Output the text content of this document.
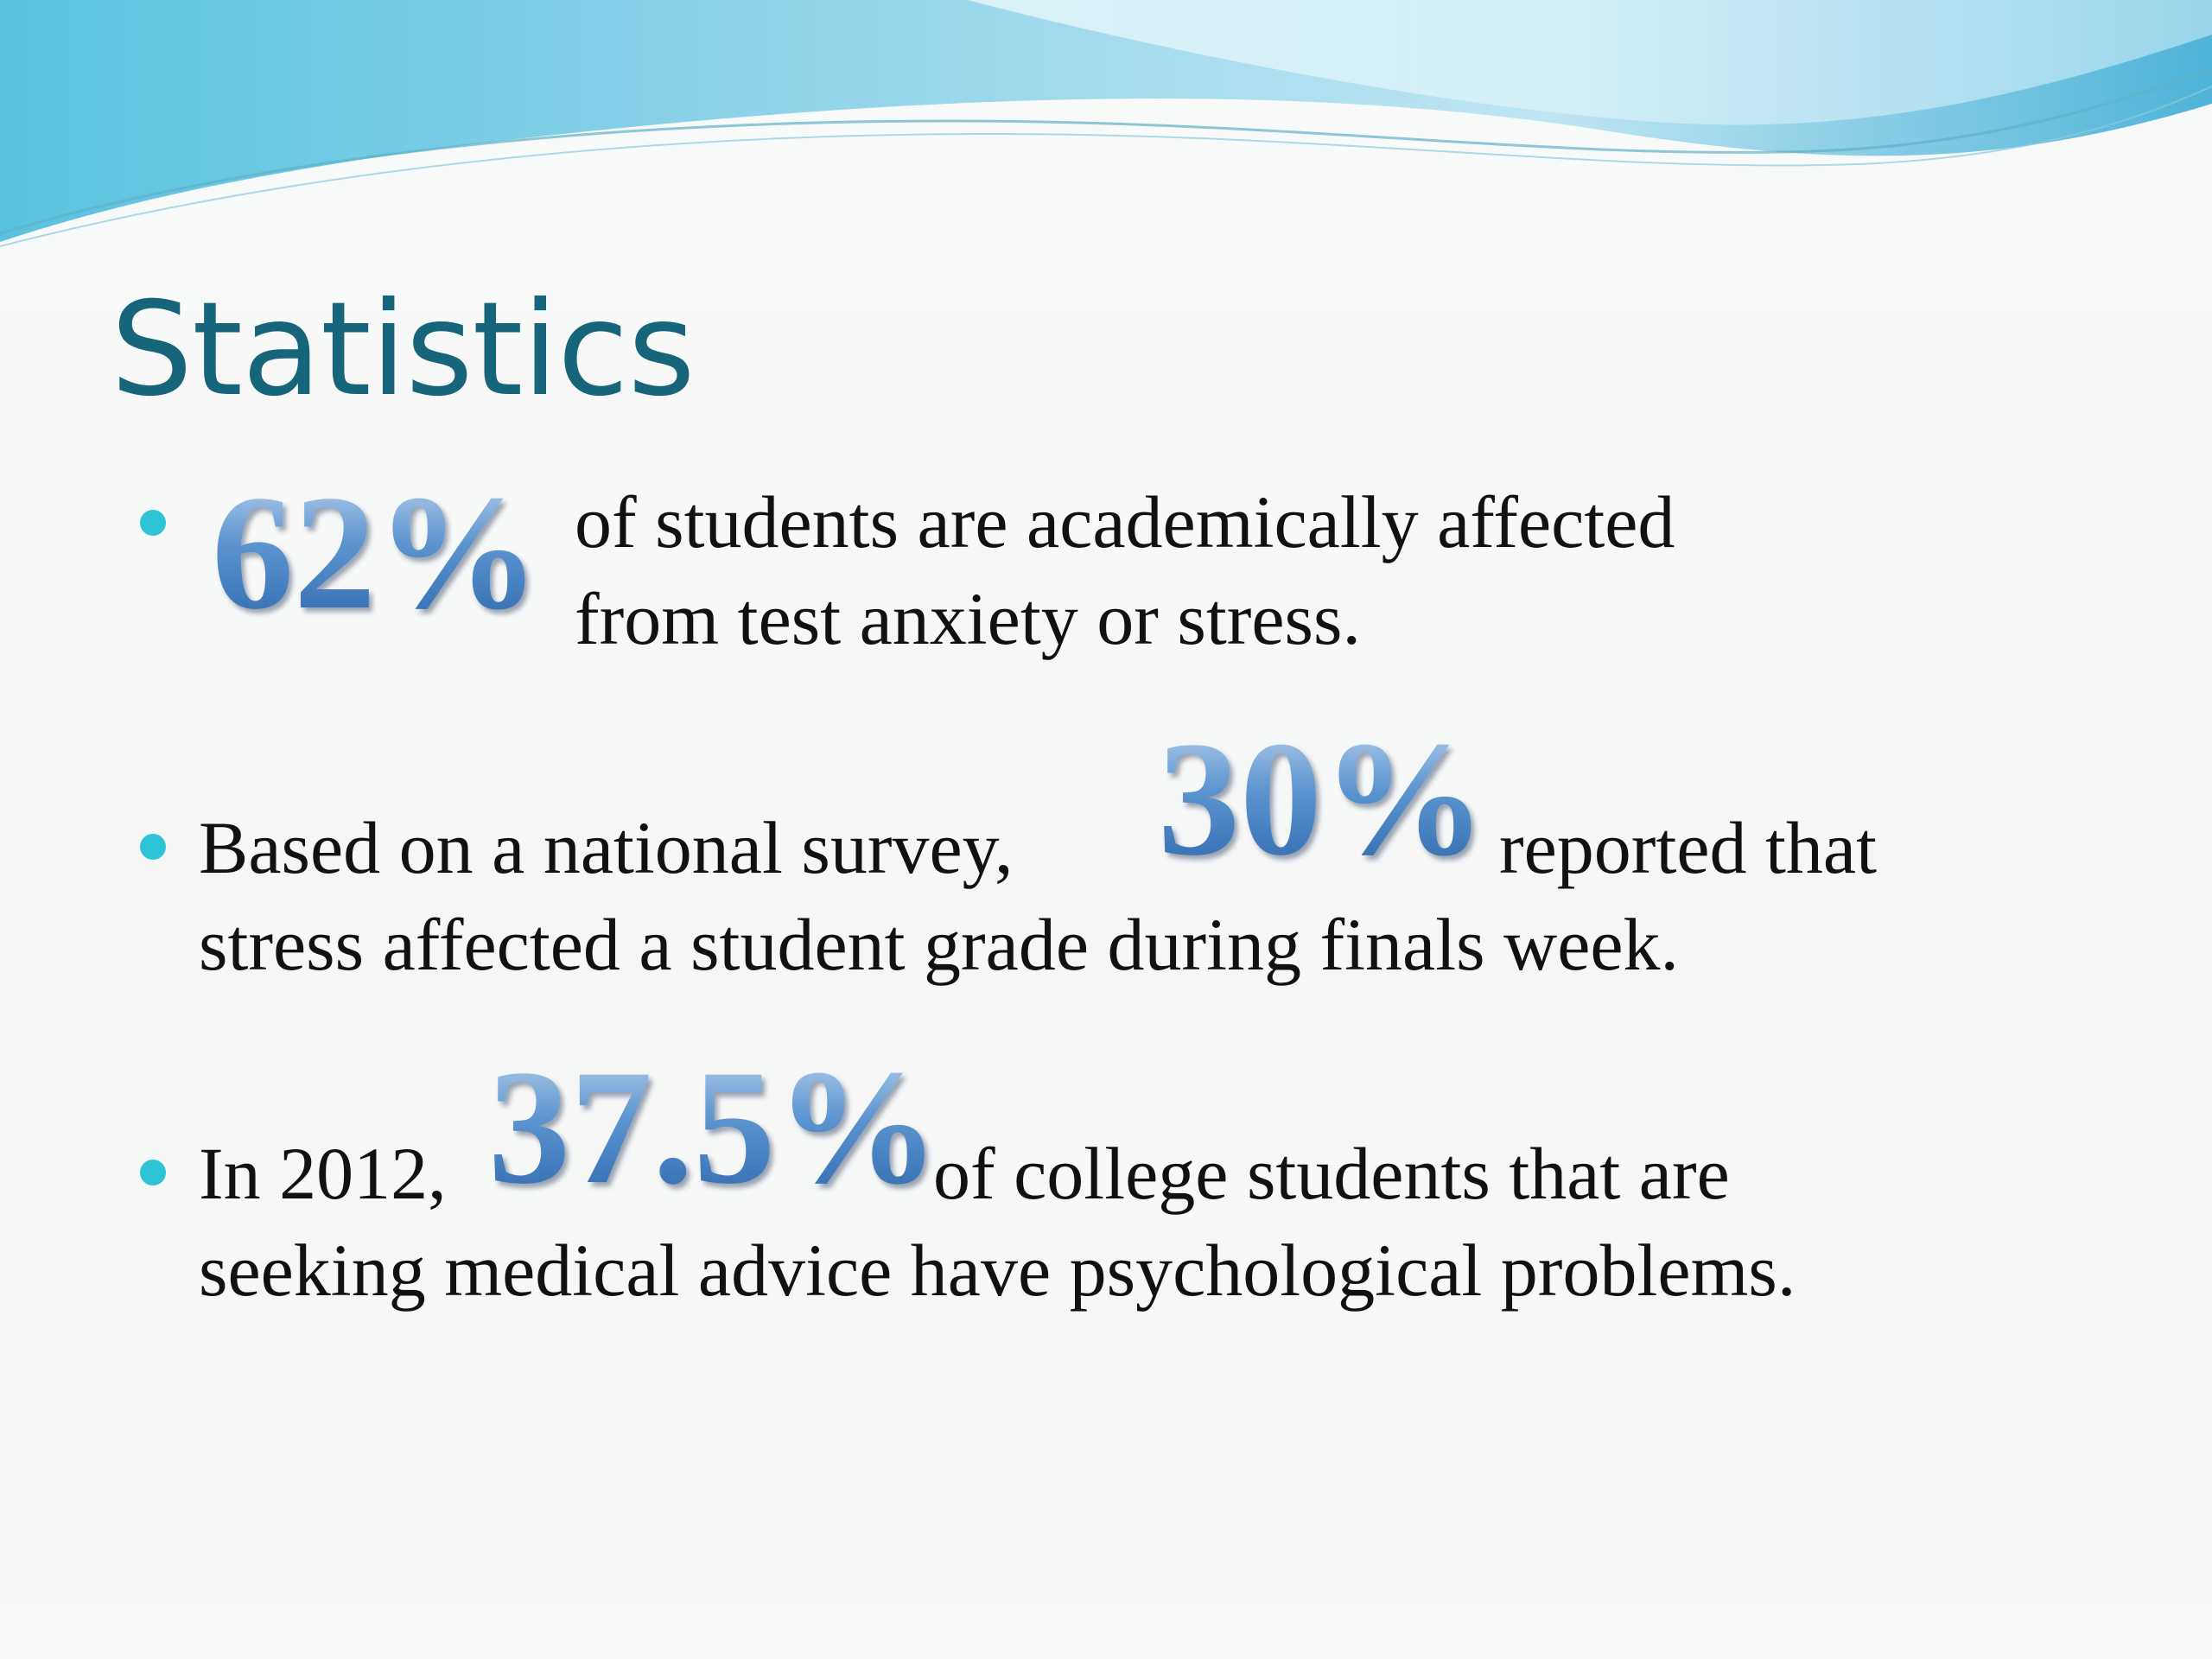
Statistics
62% of students are academically affected
from test anxiety or stress.
Based on a national survey, 30% reported that
stress affected a student grade during finals week.
In 2012, 37.5%
of college students that are
seeking medical advice have psychological problems.
